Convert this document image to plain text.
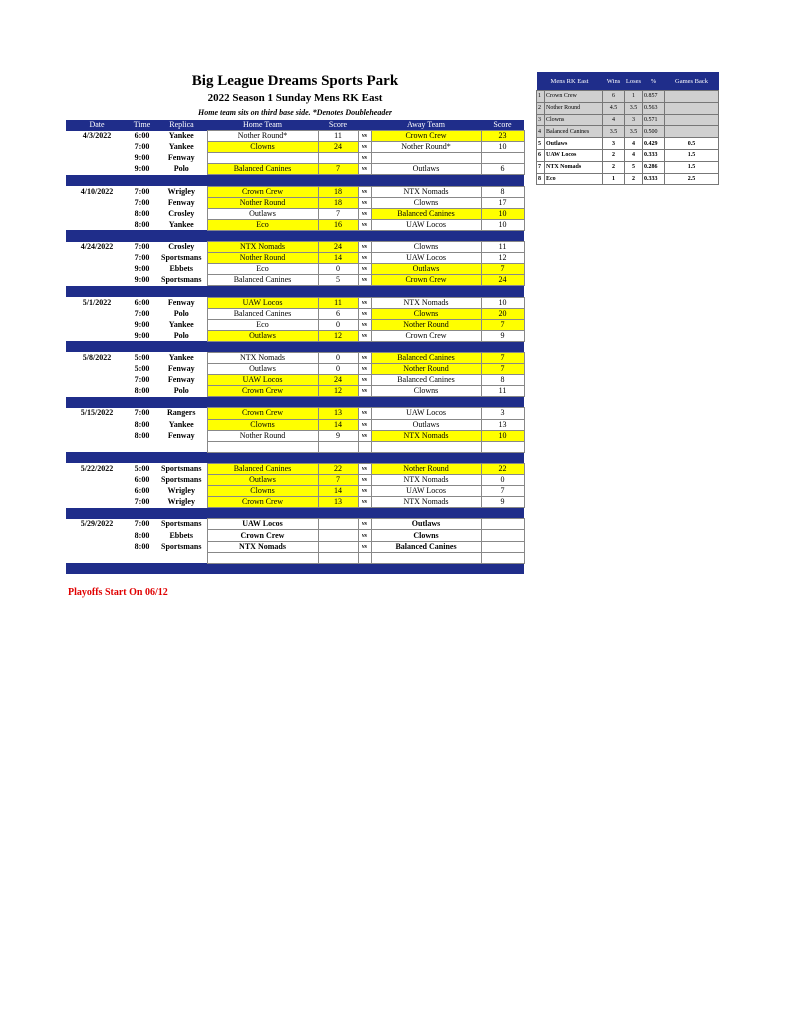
Big League Dreams Sports Park
2022 Season 1 Sunday Mens RK East
Home team sits on third base side. *Denotes Doubleheader
Date	Time	Replica	Home Team	Score		Away Team	Score
4/3/2022	6:00	Yankee	Nother Round*	11	vs	Crown Crew	23
	7:00	Yankee	Clowns	24	vs	Nother Round*	10
	9:00	Fenway			vs		
	9:00	Polo	Balanced Canines	7	vs	Outlaws	6

4/10/2022	7:00	Wrigley	Crown Crew	18	vs	NTX Nomads	8
	7:00	Fenway	Nother Round	18	vs	Clowns	17
	8:00	Crosley	Outlaws	7	vs	Balanced Canines	10
	8:00	Yankee	Eco	16	vs	UAW Locos	10

4/24/2022	7:00	Crosley	NTX Nomads	24	vs	Clowns	11
	7:00	Sportsmans	Nother Round	14	vs	UAW Locos	12
	9:00	Ebbets	Eco	0	vs	Outlaws	7
	9:00	Sportsmans	Balanced Canines	5	vs	Crown Crew	24

5/1/2022	6:00	Fenway	UAW Locos	11	vs	NTX Nomads	10
	7:00	Polo	Balanced Canines	6	vs	Clowns	20
	9:00	Yankee	Eco	0	vs	Nother Round	7
	9:00	Polo	Outlaws	12	vs	Crown Crew	9

5/8/2022	5:00	Yankee	NTX Nomads	0	vs	Balanced Canines	7
	5:00	Fenway	Outlaws	0	vs	Nother Round	7
	7:00	Fenway	UAW Locos	24	vs	Balanced Canines	8
	8:00	Polo	Crown Crew	12	vs	Clowns	11

5/15/2022	7:00	Rangers	Crown Crew	13	vs	UAW Locos	3
	8:00	Yankee	Clowns	14	vs	Outlaws	13
	8:00	Fenway	Nother Round	9	vs	NTX Nomads	10

5/22/2022	5:00	Sportsmans	Balanced Canines	22	vs	Nother Round	22
	6:00	Sportsmans	Outlaws	7	vs	NTX Nomads	0
	6:00	Wrigley	Clowns	14	vs	UAW Locos	7
	7:00	Wrigley	Crown Crew	13	vs	NTX Nomads	9

5/29/2022	7:00	Sportsmans	UAW Locos		vs	Outlaws	
	8:00	Ebbets	Crown Crew		vs	Clowns	
	8:00	Sportsmans	NTX Nomads		vs	Balanced Canines	

Playoffs Start On 06/12
Mens RK East		Wins	Loses	%	Games Back
1	Crown Crew	6	1	0.857	
2	Nother Round	4.5	3.5	0.563	
3	Clowns	4	3	0.571	
4	Balanced Canines	3.5	3.5	0.500	
5	Outlaws	3	4	0.429	0.5
6	UAW Locos	2	4	0.333	1.5
7	NTX Nomads	2	5	0.286	1.5
8	Eco	1	2	0.333	2.5
